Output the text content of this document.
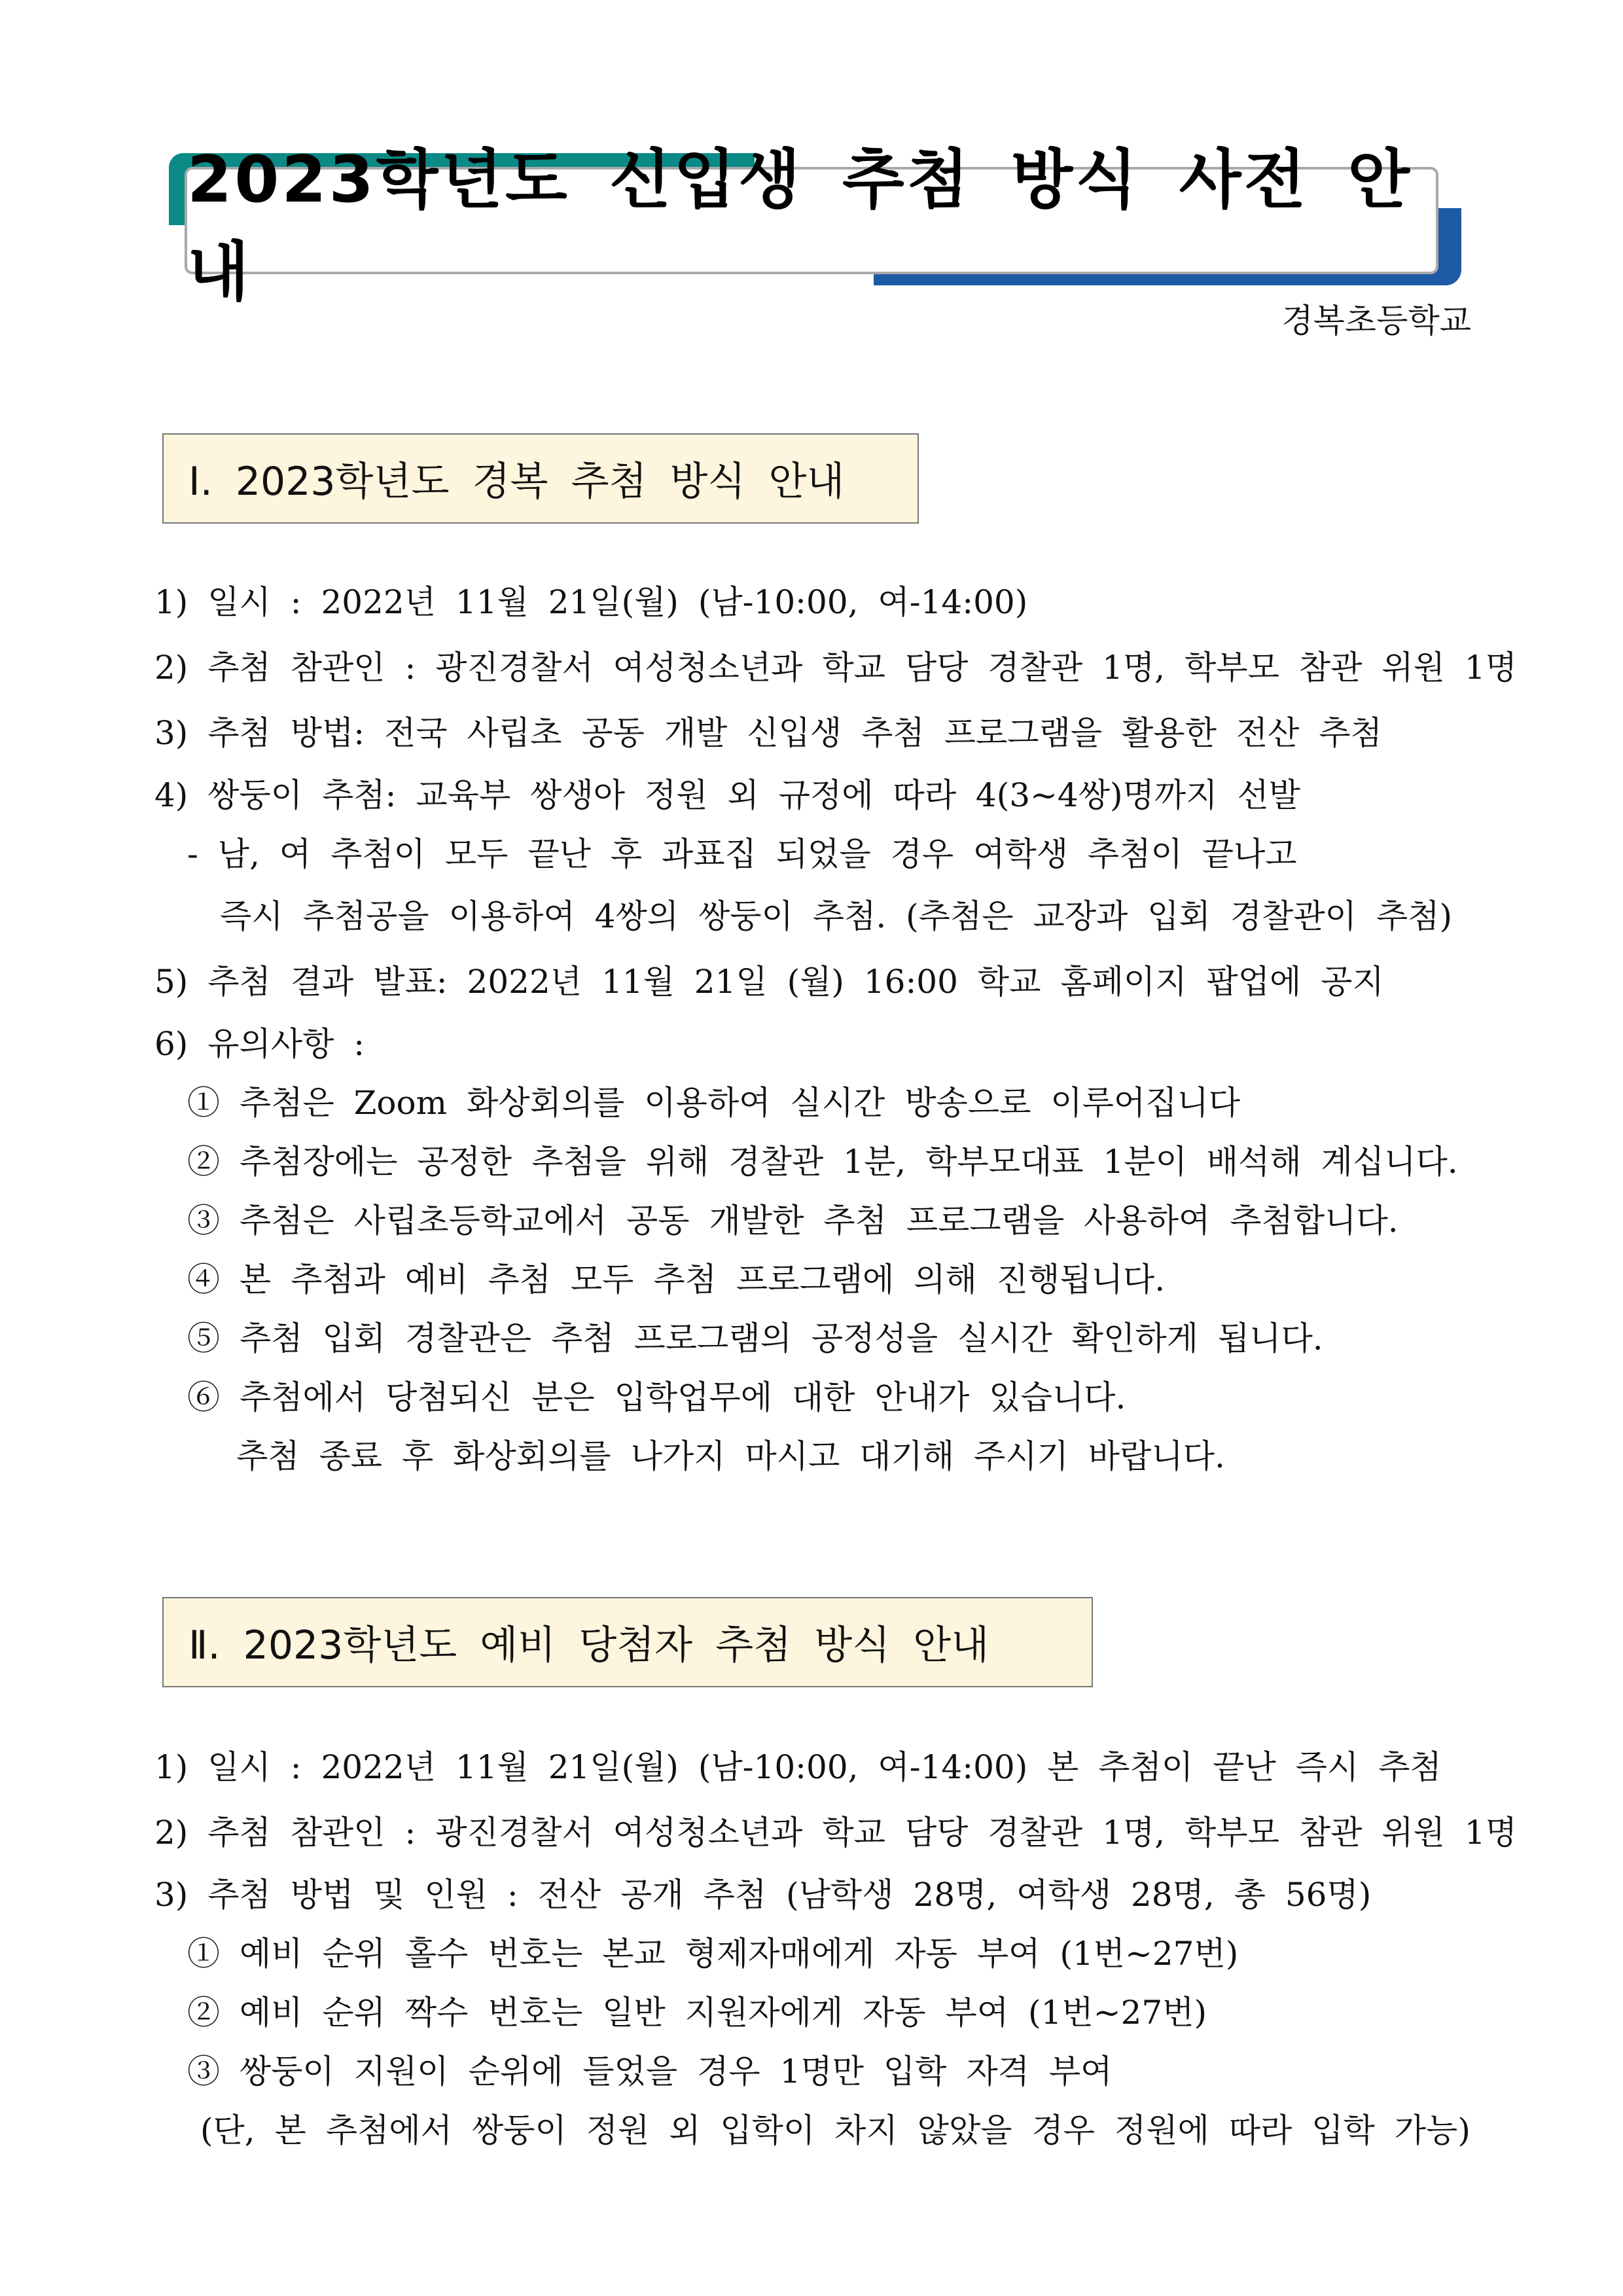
2023학년도 신입생 추첨 방식 사전 안내
경복초등학교
Ⅰ. 2023학년도 경복 추첨 방식 안내
1) 일시 : 2022년 11월 21일(월) (남-10:00, 여-14:00)
2) 추첨 참관인 : 광진경찰서 여성청소년과 학교 담당 경찰관 1명, 학부모 참관 위원 1명
3) 추첨 방법: 전국 사립초 공동 개발 신입생 추첨 프로그램을 활용한 전산 추첨
4) 쌍둥이 추첨: 교육부 쌍생아 정원 외 규정에 따라 4(3~4쌍)명까지 선발
- 남, 여 추첨이 모두 끝난 후 과표집 되었을 경우 여학생 추첨이 끝나고
즉시 추첨공을 이용하여 4쌍의 쌍둥이 추첨. (추첨은 교장과 입회 경찰관이 추첨)
5) 추첨 결과 발표: 2022년 11월 21일 (월) 16:00 학교 홈페이지 팝업에 공지
6) 유의사항 :
① 추첨은 Zoom 화상회의를 이용하여 실시간 방송으로 이루어집니다
② 추첨장에는 공정한 추첨을 위해 경찰관 1분, 학부모대표 1분이 배석해 계십니다.
③ 추첨은 사립초등학교에서 공동 개발한 추첨 프로그램을 사용하여 추첨합니다.
④ 본 추첨과 예비 추첨 모두 추첨 프로그램에 의해 진행됩니다.
⑤ 추첨 입회 경찰관은 추첨 프로그램의 공정성을 실시간 확인하게 됩니다.
⑥ 추첨에서 당첨되신 분은 입학업무에 대한 안내가 있습니다.
추첨 종료 후 화상회의를 나가지 마시고 대기해 주시기 바랍니다.
Ⅱ. 2023학년도 예비 당첨자 추첨 방식 안내
1) 일시 : 2022년 11월 21일(월) (남-10:00, 여-14:00) 본 추첨이 끝난 즉시 추첨
2) 추첨 참관인 : 광진경찰서 여성청소년과 학교 담당 경찰관 1명, 학부모 참관 위원 1명
3) 추첨 방법 및 인원 : 전산 공개 추첨 (남학생 28명, 여학생 28명, 총 56명)
① 예비 순위 홀수 번호는 본교 형제자매에게 자동 부여 (1번~27번)
② 예비 순위 짝수 번호는 일반 지원자에게 자동 부여 (1번~27번)
③ 쌍둥이 지원이 순위에 들었을 경우 1명만 입학 자격 부여
(단, 본 추첨에서 쌍둥이 정원 외 입학이 차지 않았을 경우 정원에 따라 입학 가능)
